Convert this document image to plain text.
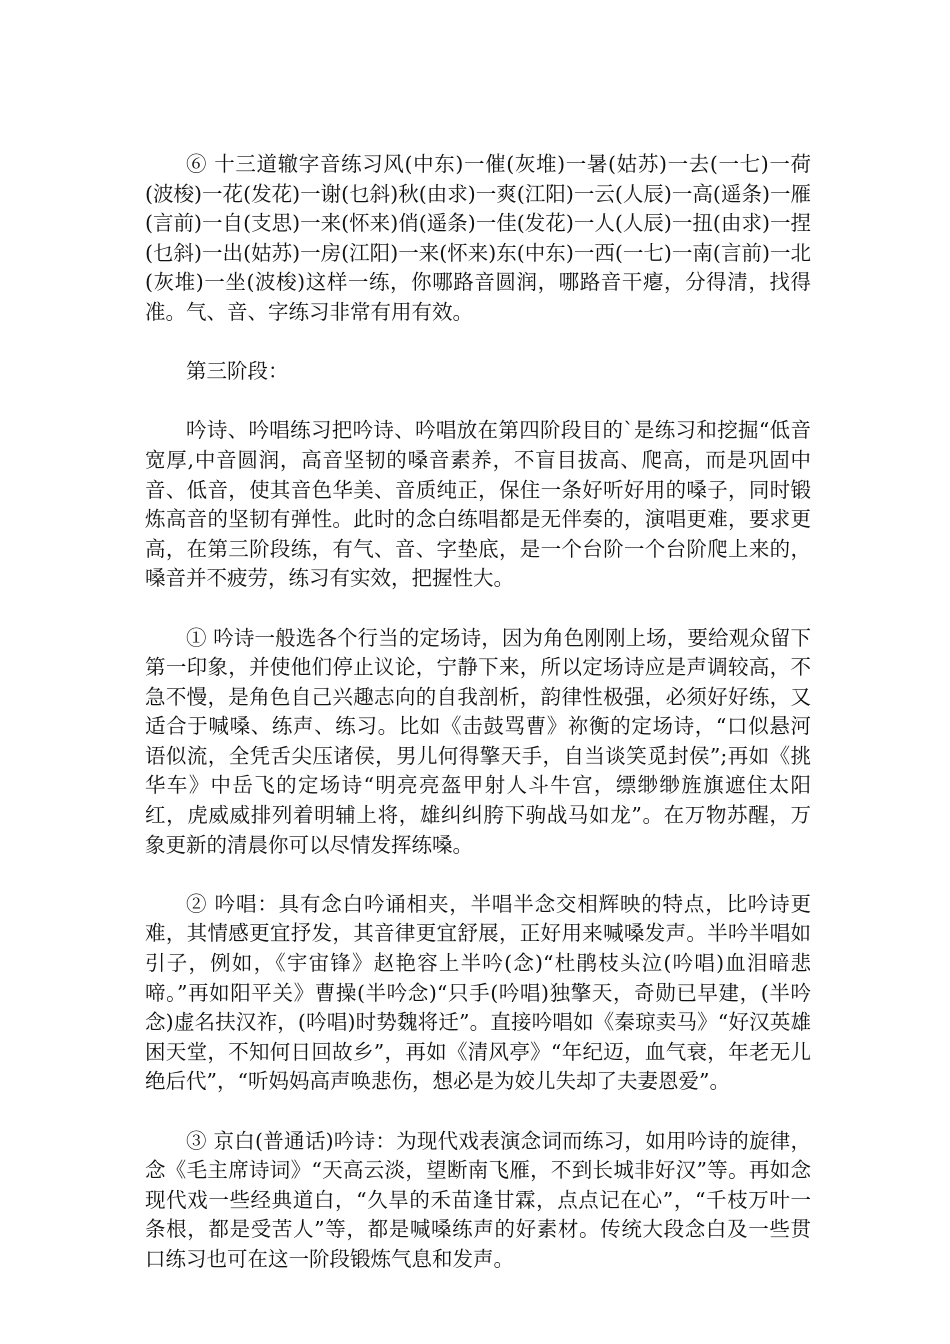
⑥ 十三道辙字音练习风(中东)一催(灰堆)一暑(姑苏)一去(一七)一荷(波梭)一花(发花)一谢(乜斜)秋(由求)一爽(江阳)一云(人辰)一高(遥条)一雁(言前)一自(支思)一来(怀来)俏(遥条)一佳(发花)一人(人辰)一扭(由求)一捏(乜斜)一出(姑苏)一房(江阳)一来(怀来)东(中东)一西(一七)一南(言前)一北(灰堆)一坐(波梭)这样一练，你哪路音圆润，哪路音干瘪，分得清，找得准。气、音、字练习非常有用有效。

第三阶段：

吟诗、吟唱练习把吟诗、吟唱放在第四阶段目的`是练习和挖掘“低音宽厚,中音圆润，高音坚韧的嗓音素养，不盲目拔高、爬高，而是巩固中音、低音，使其音色华美、音质纯正，保住一条好听好用的嗓子，同时锻炼高音的坚韧有弹性。此时的念白练唱都是无伴奏的，演唱更难，要求更高，在第三阶段练，有气、音、字垫底，是一个台阶一个台阶爬上来的，嗓音并不疲劳，练习有实效，把握性大。

① 吟诗一般选各个行当的定场诗，因为角色刚刚上场，要给观众留下第一印象，并使他们停止议论，宁静下来，所以定场诗应是声调较高，不急不慢，是角色自己兴趣志向的自我剖析，韵律性极强，必须好好练，又适合于喊嗓、练声、练习。比如《击鼓骂曹》祢衡的定场诗，“口似悬河语似流，全凭舌尖压诸侯，男儿何得擎天手，自当谈笑觅封侯”;再如《挑华车》中岳飞的定场诗“明亮亮盔甲射人斗牛宫，缥缈缈旌旗遮住太阳红，虎威威排列着明辅上将，雄纠纠胯下驹战马如龙”。在万物苏醒，万象更新的清晨你可以尽情发挥练嗓。

② 吟唱：具有念白吟诵相夹，半唱半念交相辉映的特点，比吟诗更难，其情感更宜抒发，其音律更宜舒展，正好用来喊嗓发声。半吟半唱如引子，例如，《宇宙锋》赵艳容上半吟(念)“杜鹃枝头泣(吟唱)血泪暗悲啼。”再如阳平关》曹操(半吟念)“只手(吟唱)独擎天，奇勋已早建，(半吟念)虚名扶汉祚，(吟唱)时势魏将迁”。直接吟唱如《秦琼卖马》“好汉英雄困天堂，不知何日回故乡”，再如《清风亭》“年纪迈，血气衰，年老无儿绝后代”，“听妈妈高声唤悲伤，想必是为姣儿失却了夫妻恩爱”。

③ 京白(普通话)吟诗：为现代戏表演念词而练习，如用吟诗的旋律，念《毛主席诗词》“天高云淡，望断南飞雁，不到长城非好汉”等。再如念现代戏一些经典道白，“久旱的禾苗逢甘霖，点点记在心”，“千枝万叶一条根，都是受苦人”等，都是喊嗓练声的好素材。传统大段念白及一些贯口练习也可在这一阶段锻炼气息和发声。
